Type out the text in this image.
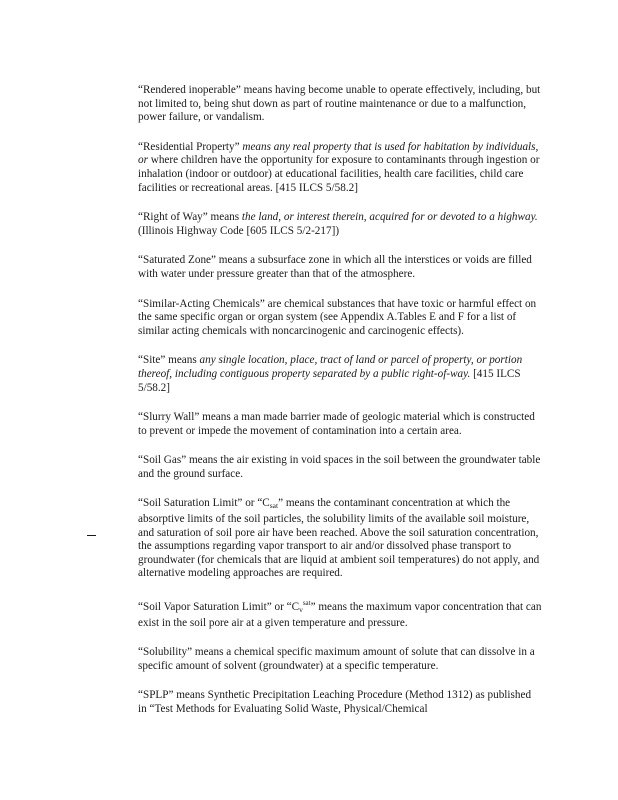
“Rendered inoperable” means having become unable to operate effectively, including, but not limited to, being shut down as part of routine maintenance or due to a malfunction, power failure, or vandalism.

“Residential Property” means any real property that is used for habitation by individuals, or where children have the opportunity for exposure to contaminants through ingestion or inhalation (indoor or outdoor) at educational facilities, health care facilities, child care facilities or recreational areas. [415 ILCS 5/58.2]

“Right of Way” means the land, or interest therein, acquired for or devoted to a highway. (Illinois Highway Code [605 ILCS 5/2-217])

“Saturated Zone” means a subsurface zone in which all the interstices or voids are filled with water under pressure greater than that of the atmosphere.

“Similar-Acting Chemicals” are chemical substances that have toxic or harmful effect on the same specific organ or organ system (see Appendix A.Tables E and F for a list of similar acting chemicals with noncarcinogenic and carcinogenic effects).

“Site” means any single location, place, tract of land or parcel of property, or portion thereof, including contiguous property separated by a public right-of-way. [415 ILCS 5/58.2]

“Slurry Wall” means a man made barrier made of geologic material which is constructed to prevent or impede the movement of contamination into a certain area.

“Soil Gas” means the air existing in void spaces in the soil between the groundwater table and the ground surface.

“Soil Saturation Limit” or “$C_{sat}$” means the contaminant concentration at which the absorptive limits of the soil particles, the solubility limits of the available soil moisture, and saturation of soil pore air have been reached. Above the soil saturation concentration, the assumptions regarding vapor transport to air and/or dissolved phase transport to groundwater (for chemicals that are liquid at ambient soil temperatures) do not apply, and alternative modeling approaches are required.

“Soil Vapor Saturation Limit” or “$C_v^{sat}$” means the maximum vapor concentration that can exist in the soil pore air at a given temperature and pressure.

“Solubility” means a chemical specific maximum amount of solute that can dissolve in a specific amount of solvent (groundwater) at a specific temperature.

“SPLP” means Synthetic Precipitation Leaching Procedure (Method 1312) as published in “Test Methods for Evaluating Solid Waste, Physical/Chemical
